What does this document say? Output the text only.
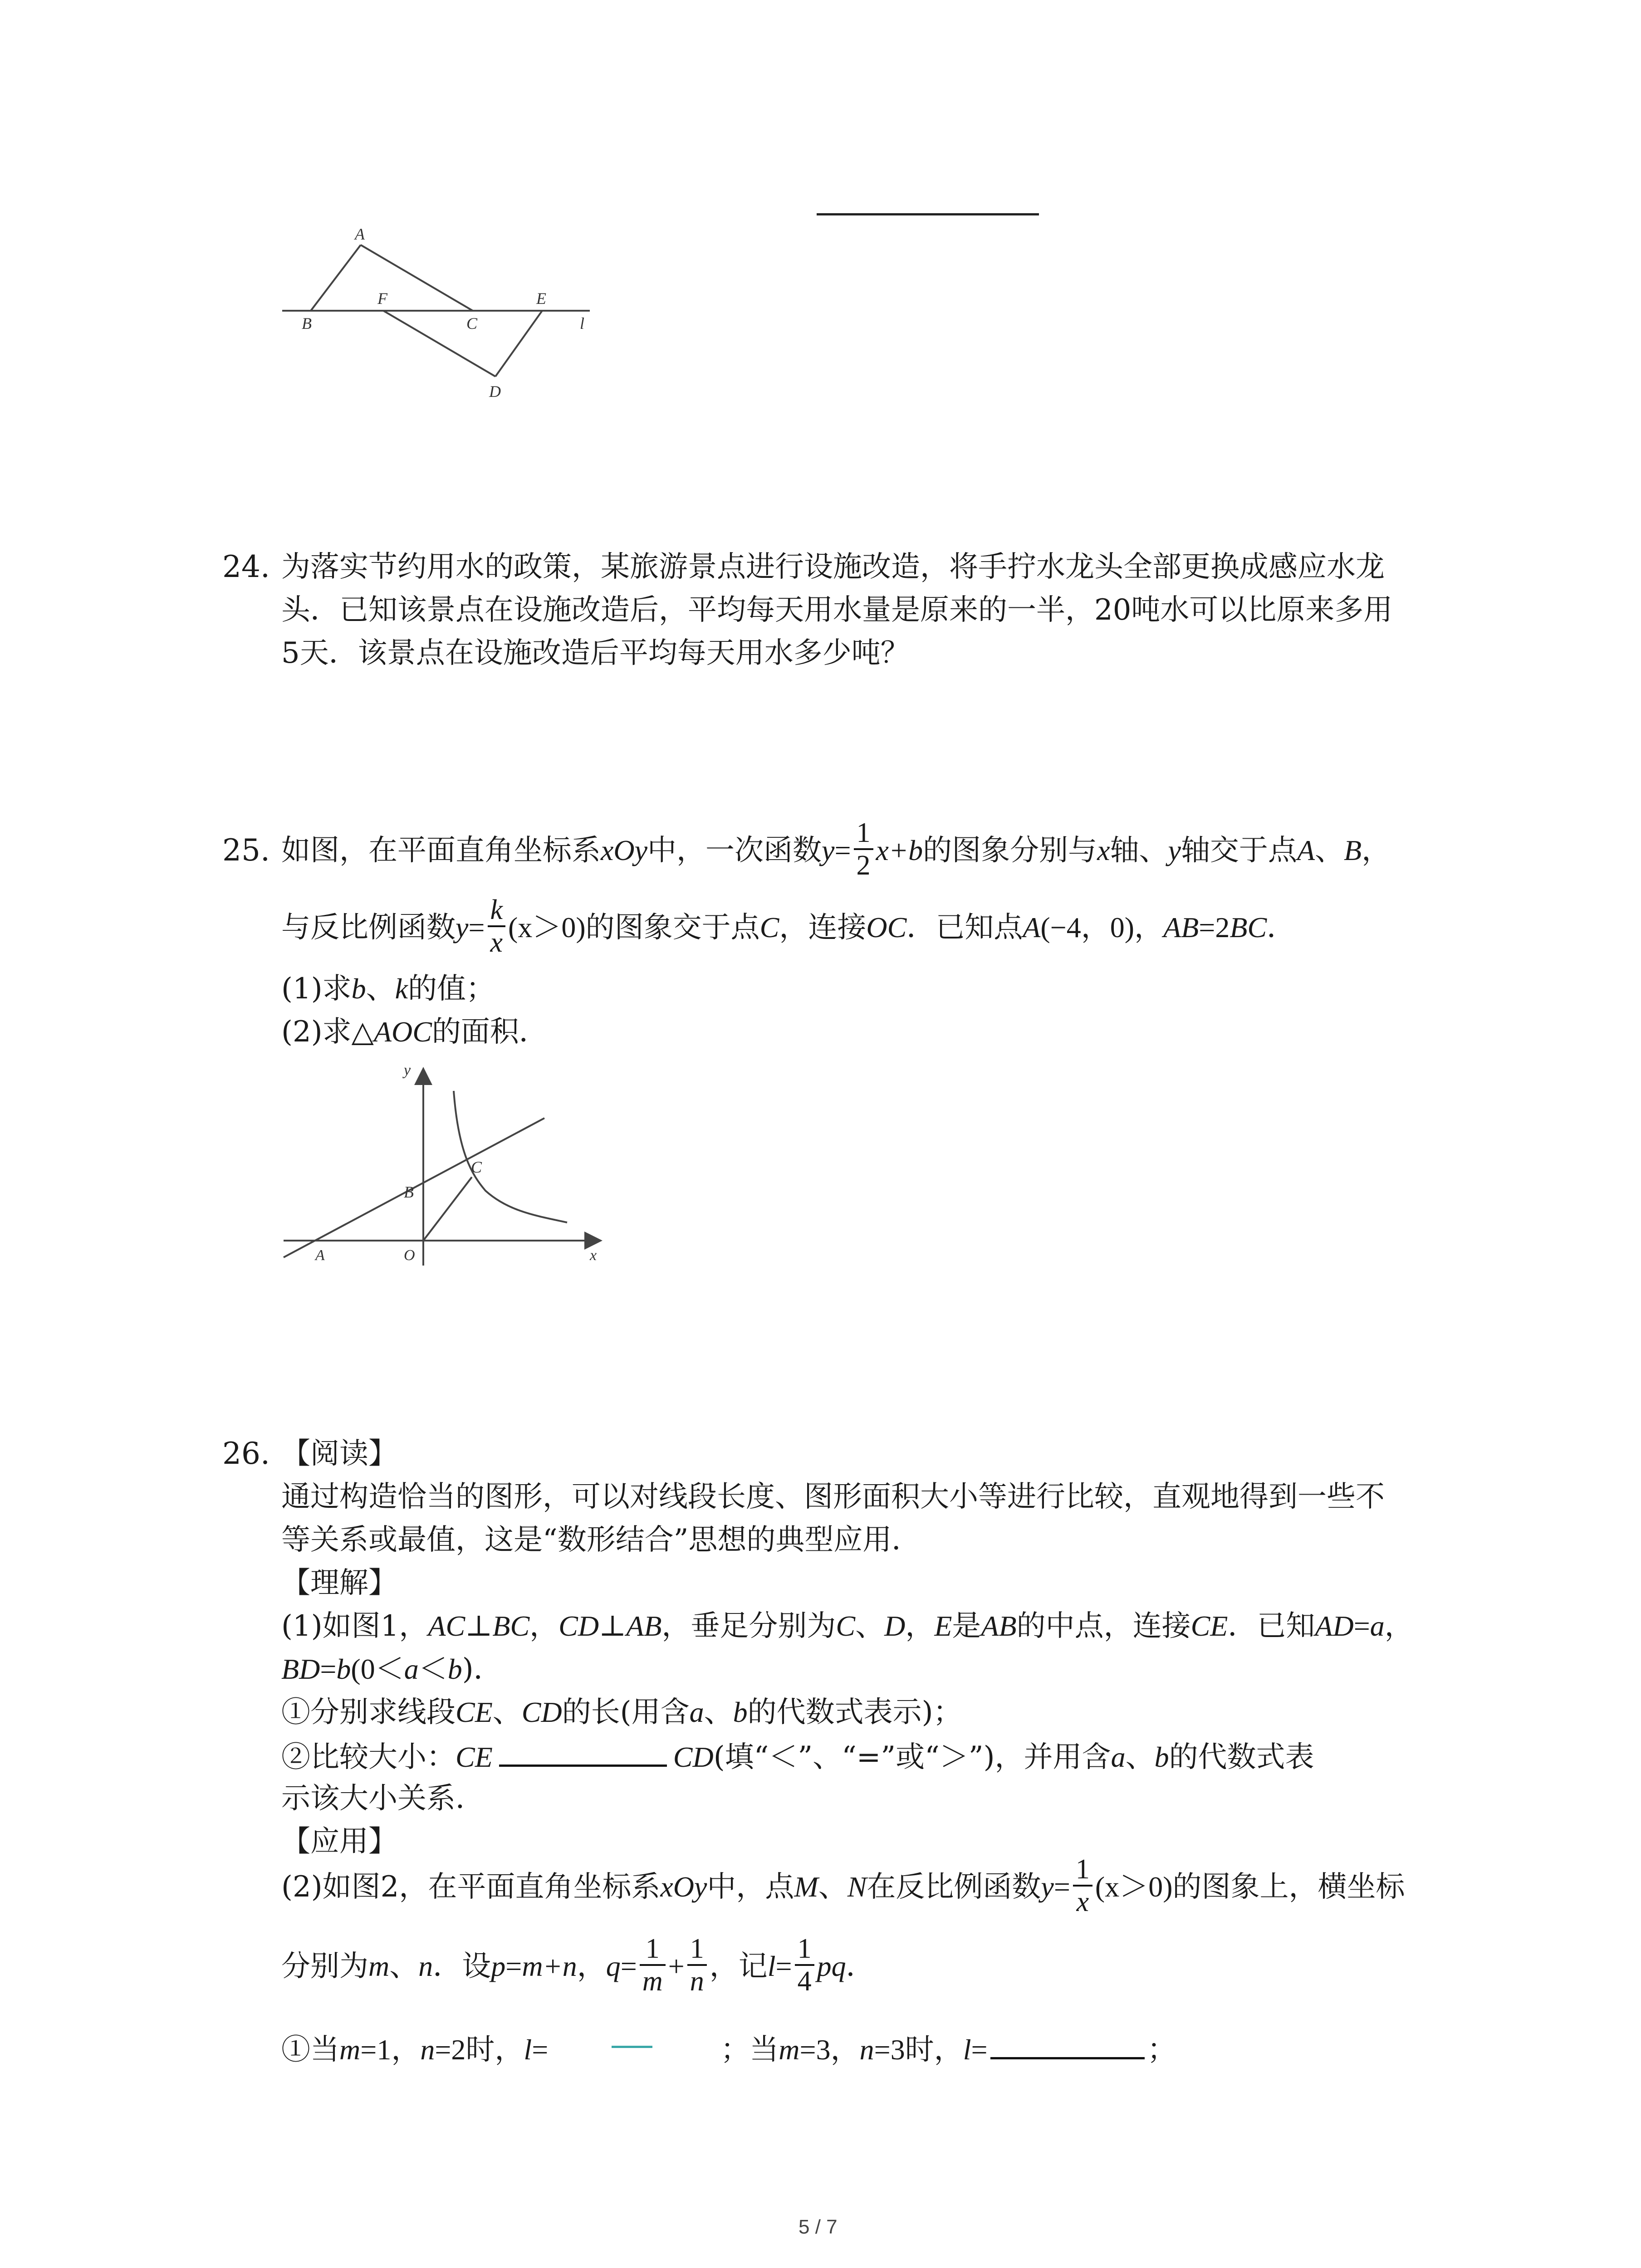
A
B
F
C
E
l
D
24. 为落实节约用水的政策，某旅游景点进行设施改造，将手拧水龙头全部更换成感应水龙
头．已知该景点在设施改造后，平均每天用水量是原来的一半，20吨水可以比原来多用
5天．该景点在设施改造后平均每天用水多少吨？
25. 如图，在平面直角坐标系xOy中，一次函数$y= \frac{1}{2} x+b$的图象分别与x轴、y轴交于点A、B，
与反比例函数$y= \frac{k}{x} (x>0)$的图象交于点C，连接OC．已知点A(−4，0)，AB=2BC．
(1)求b、k的值；
(2)求△AOC的面积．
y
C
B
A	O	x
26. 【阅读】
通过构造恰当的图形，可以对线段长度、图形面积大小等进行比较，直观地得到一些不
等关系或最值，这是“数形结合”思想的典型应用．
【理解】
(1)如图1，AC⊥BC，CD⊥AB，垂足分别为C、D，E是AB的中点，连接CE．已知AD=a，
BD=b(0＜a＜b)．
①分别求线段CE、CD的长(用含a、b的代数式表示)；
②比较大小：CE	CD(填“＜”、“=”或“＞”)，并用含a、b的代数式表
示该大小关系．
【应用】
(2)如图2，在平面直角坐标系xOy中，点M、N在反比例函数$y= \frac{1}{x} (x>0)$的图象上，横坐标
分别为m、n．设p=m+n，$q= \frac{1}{m} + \frac{1}{n}$ ，记$l= \frac{1}{4}$ pq．
①当m=1，n=2时，l=	；当m=3，n=3时，l=	；
5 / 7
